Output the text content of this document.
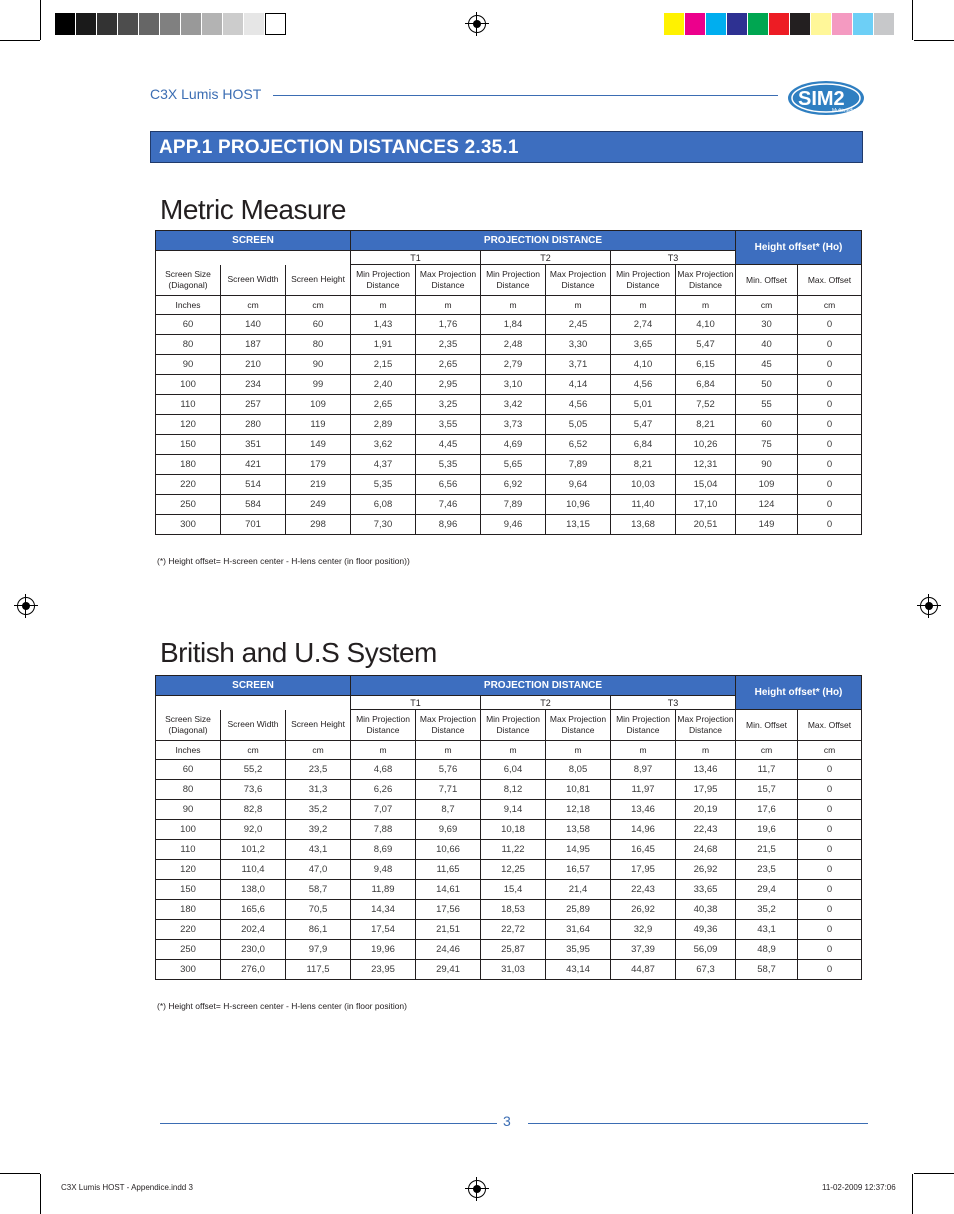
C3X Lumis HOST	SIM2
Multimedia
APP.1 PROJECTION DISTANCES 2.35.1
Metric Measure
SCREEN			PROJECTION DISTANCE						Height offset* (Ho)	
			T1		T2		T3			
Screen Size (Diagonal)	Screen Width	Screen Height	Min Projection Distance	Max Projection Distance	Min Projection Distance	Max Projection Distance	Min Projection Distance	Max Projection Distance	Min. Offset	Max. Offset
Inches	cm	cm	m	m	m	m	m	m	cm	cm
60	140	60	1,43	1,76	1,84	2,45	2,74	4,10	30	0
80	187	80	1,91	2,35	2,48	3,30	3,65	5,47	40	0
90	210	90	2,15	2,65	2,79	3,71	4,10	6,15	45	0
100	234	99	2,40	2,95	3,10	4,14	4,56	6,84	50	0
110	257	109	2,65	3,25	3,42	4,56	5,01	7,52	55	0
120	280	119	2,89	3,55	3,73	5,05	5,47	8,21	60	0
150	351	149	3,62	4,45	4,69	6,52	6,84	10,26	75	0
180	421	179	4,37	5,35	5,65	7,89	8,21	12,31	90	0
220	514	219	5,35	6,56	6,92	9,64	10,03	15,04	109	0
250	584	249	6,08	7,46	7,89	10,96	11,40	17,10	124	0
300	701	298	7,30	8,96	9,46	13,15	13,68	20,51	149	0
(*) Height offset= H-screen center - H-lens center (in floor position))
British and U.S System
SCREEN			PROJECTION DISTANCE						Height offset* (Ho)	
			T1		T2		T3			
Screen Size (Diagonal)	Screen Width	Screen Height	Min Projection Distance	Max Projection Distance	Min Projection Distance	Max Projection Distance	Min Projection Distance	Max Projection Distance	Min. Offset	Max. Offset
Inches	cm	cm	m	m	m	m	m	m	cm	cm
60	55,2	23,5	4,68	5,76	6,04	8,05	8,97	13,46	11,7	0
80	73,6	31,3	6,26	7,71	8,12	10,81	11,97	17,95	15,7	0
90	82,8	35,2	7,07	8,7	9,14	12,18	13,46	20,19	17,6	0
100	92,0	39,2	7,88	9,69	10,18	13,58	14,96	22,43	19,6	0
110	101,2	43,1	8,69	10,66	11,22	14,95	16,45	24,68	21,5	0
120	110,4	47,0	9,48	11,65	12,25	16,57	17,95	26,92	23,5	0
150	138,0	58,7	11,89	14,61	15,4	21,4	22,43	33,65	29,4	0
180	165,6	70,5	14,34	17,56	18,53	25,89	26,92	40,38	35,2	0
220	202,4	86,1	17,54	21,51	22,72	31,64	32,9	49,36	43,1	0
250	230,0	97,9	19,96	24,46	25,87	35,95	37,39	56,09	48,9	0
300	276,0	117,5	23,95	29,41	31,03	43,14	44,87	67,3	58,7	0
(*) Height offset= H-screen center - H-lens center (in floor position)
3
C3X Lumis HOST - Appendice.indd 3	11-02-2009 12:37:06
